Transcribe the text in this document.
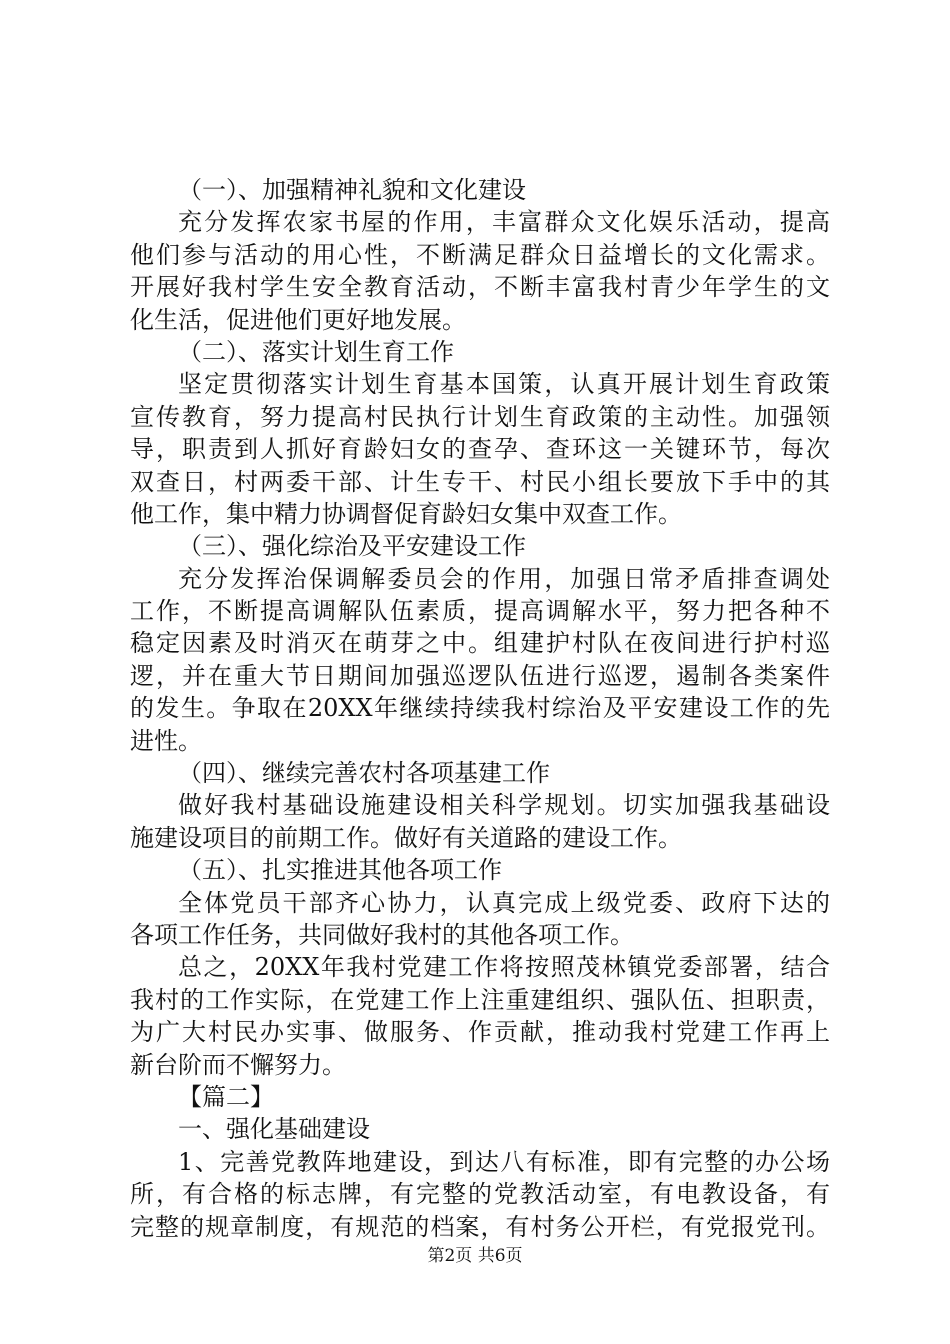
（一）、加强精神礼貌和文化建设
充分发挥农家书屋的作用，丰富群众文化娱乐活动，提高
他们参与活动的用心性，不断满足群众日益增长的文化需求。
开展好我村学生安全教育活动，不断丰富我村青少年学生的文
化生活，促进他们更好地发展。
（二）、落实计划生育工作
坚定贯彻落实计划生育基本国策，认真开展计划生育政策
宣传教育，努力提高村民执行计划生育政策的主动性。加强领
导，职责到人抓好育龄妇女的查孕、查环这一关键环节，每次
双查日，村两委干部、计生专干、村民小组长要放下手中的其
他工作，集中精力协调督促育龄妇女集中双查工作。
（三）、强化综治及平安建设工作
充分发挥治保调解委员会的作用，加强日常矛盾排查调处
工作，不断提高调解队伍素质，提高调解水平，努力把各种不
稳定因素及时消灭在萌芽之中。组建护村队在夜间进行护村巡
逻，并在重大节日期间加强巡逻队伍进行巡逻，遏制各类案件
的发生。争取在20XX年继续持续我村综治及平安建设工作的先
进性。
（四）、继续完善农村各项基建工作
做好我村基础设施建设相关科学规划。切实加强我基础设
施建设项目的前期工作。做好有关道路的建设工作。
（五）、扎实推进其他各项工作
全体党员干部齐心协力，认真完成上级党委、政府下达的
各项工作任务，共同做好我村的其他各项工作。
总之，20XX年我村党建工作将按照茂林镇党委部署，结合
我村的工作实际，在党建工作上注重建组织、强队伍、担职责，
为广大村民办实事、做服务、作贡献，推动我村党建工作再上
新台阶而不懈努力。
【篇二】
一、强化基础建设
1、完善党教阵地建设，到达八有标准，即有完整的办公场
所，有合格的标志牌，有完整的党教活动室，有电教设备，有
完整的规章制度，有规范的档案，有村务公开栏，有党报党刊。
第2页 共6页
